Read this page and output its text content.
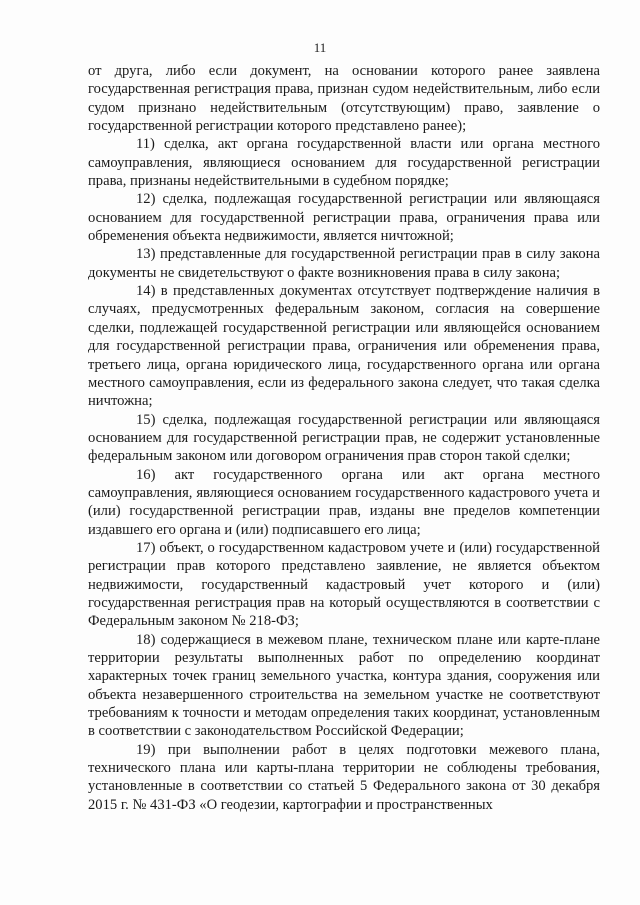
11

от друга, либо если документ, на основании которого ранее заявлена государственная регистрация права, признан судом недействительным, либо если судом признано недействительным (отсутствующим) право, заявление о государственной регистрации которого представлено ранее);

11) сделка, акт органа государственной власти или органа местного самоуправления, являющиеся основанием для государственной регистрации права, признаны недействительными в судебном порядке;

12) сделка, подлежащая государственной регистрации или являющаяся основанием для государственной регистрации права, ограничения права или обременения объекта недвижимости, является ничтожной;

13) представленные для государственной регистрации прав в силу закона документы не свидетельствуют о факте возникновения права в силу закона;

14) в представленных документах отсутствует подтверждение наличия в случаях, предусмотренных федеральным законом, согласия на совершение сделки, подлежащей государственной регистрации или являющейся основанием для государственной регистрации права, ограничения или обременения права, третьего лица, органа юридического лица, государственного органа или органа местного самоуправления, если из федерального закона следует, что такая сделка ничтожна;

15) сделка, подлежащая государственной регистрации или являющаяся основанием для государственной регистрации прав, не содержит установленные федеральным законом или договором ограничения прав сторон такой сделки;

16) акт государственного органа или акт органа местного самоуправления, являющиеся основанием государственного кадастрового учета и (или) государственной регистрации прав, изданы вне пределов компетенции издавшего его органа и (или) подписавшего его лица;

17) объект, о государственном кадастровом учете и (или) государственной регистрации прав которого представлено заявление, не является объектом недвижимости, государственный кадастровый учет которого и (или) государственная регистрация прав на который осуществляются в соответствии с Федеральным законом № 218-ФЗ;

18) содержащиеся в межевом плане, техническом плане или карте-плане территории результаты выполненных работ по определению координат характерных точек границ земельного участка, контура здания, сооружения или объекта незавершенного строительства на земельном участке не соответствуют требованиям к точности и методам определения таких координат, установленным в соответствии с законодательством Российской Федерации;

19) при выполнении работ в целях подготовки межевого плана, технического плана или карты-плана территории не соблюдены требования, установленные в соответствии со статьей 5 Федерального закона от 30 декабря 2015 г. № 431-ФЗ «О геодезии, картографии и пространственных
